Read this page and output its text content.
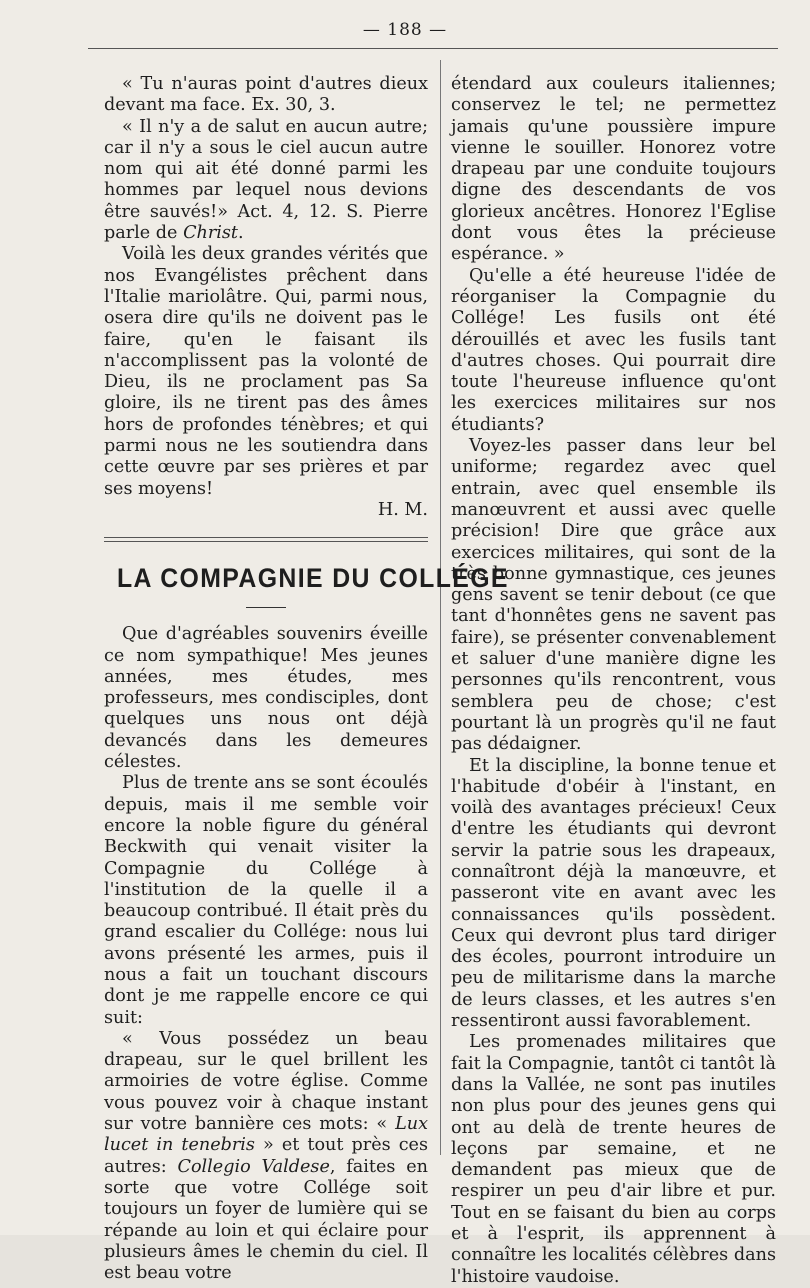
— 188 —

« Tu n'auras point d'autres dieux devant ma face. Ex. 30, 3.

« Il n'y a de salut en aucun autre; car il n'y a sous le ciel aucun autre nom qui ait été donné parmi les hommes par lequel nous devions être sauvés!» Act. 4, 12. S. Pierre parle de Christ.

Voilà les deux grandes vérités que nos Evangélistes prêchent dans l'Italie mariolâtre. Qui, parmi nous, osera dire qu'ils ne doivent pas le faire, qu'en le faisant ils n'accomplissent pas la volonté de Dieu, ils ne proclament pas Sa gloire, ils ne tirent pas des âmes hors de profondes ténèbres; et qui parmi nous ne les soutiendra dans cette œuvre par ses prières et par ses moyens!

H. M.

LA COMPAGNIE DU COLLÉGE

Que d'agréables souvenirs éveille ce nom sympathique! Mes jeunes années, mes études, mes professeurs, mes condisciples, dont quelques uns nous ont déjà devancés dans les demeures célestes.

Plus de trente ans se sont écoulés depuis, mais il me semble voir encore la noble figure du général Beckwith qui venait visiter la Compagnie du Collége à l'institution de la quelle il a beaucoup contribué. Il était près du grand escalier du Collége: nous lui avons présenté les armes, puis il nous a fait un touchant discours dont je me rappelle encore ce qui suit:

« Vous possédez un beau drapeau, sur le quel brillent les armoiries de votre église. Comme vous pouvez voir à chaque instant sur votre bannière ces mots: « Lux lucet in tenebris » et tout près ces autres: Collegio Valdese, faites en sorte que votre Collége soit toujours un foyer de lumière qui se répande au loin et qui éclaire pour plusieurs âmes le chemin du ciel. Il est beau votre

étendard aux couleurs italiennes; conservez le tel; ne permettez jamais qu'une poussière impure vienne le souiller. Honorez votre drapeau par une conduite toujours digne des descendants de vos glorieux ancêtres. Honorez l'Eglise dont vous êtes la précieuse espérance. »

Qu'elle a été heureuse l'idée de réorganiser la Compagnie du Collége! Les fusils ont été dérouillés et avec les fusils tant d'autres choses. Qui pourrait dire toute l'heureuse influence qu'ont les exercices militaires sur nos étudiants?

Voyez-les passer dans leur bel uniforme; regardez avec quel entrain, avec quel ensemble ils manœuvrent et aussi avec quelle précision! Dire que grâce aux exercices militaires, qui sont de la très bonne gymnastique, ces jeunes gens savent se tenir debout (ce que tant d'honnêtes gens ne savent pas faire), se présenter convenablement et saluer d'une manière digne les personnes qu'ils rencontrent, vous semblera peu de chose; c'est pourtant là un progrès qu'il ne faut pas dédaigner.

Et la discipline, la bonne tenue et l'habitude d'obéir à l'instant, en voilà des avantages précieux! Ceux d'entre les étudiants qui devront servir la patrie sous les drapeaux, connaîtront déjà la manœuvre, et passeront vite en avant avec les connaissances qu'ils possèdent. Ceux qui devront plus tard diriger des écoles, pourront introduire un peu de militarisme dans la marche de leurs classes, et les autres s'en ressentiront aussi favorablement.

Les promenades militaires que fait la Compagnie, tantôt ci tantôt là dans la Vallée, ne sont pas inutiles non plus pour des jeunes gens qui ont au delà de trente heures de leçons par semaine, et ne demandent pas mieux que de respirer un peu d'air libre et pur. Tout en se faisant du bien au corps et à l'esprit, ils apprennent à connaître les localités célèbres dans l'histoire vaudoise.
